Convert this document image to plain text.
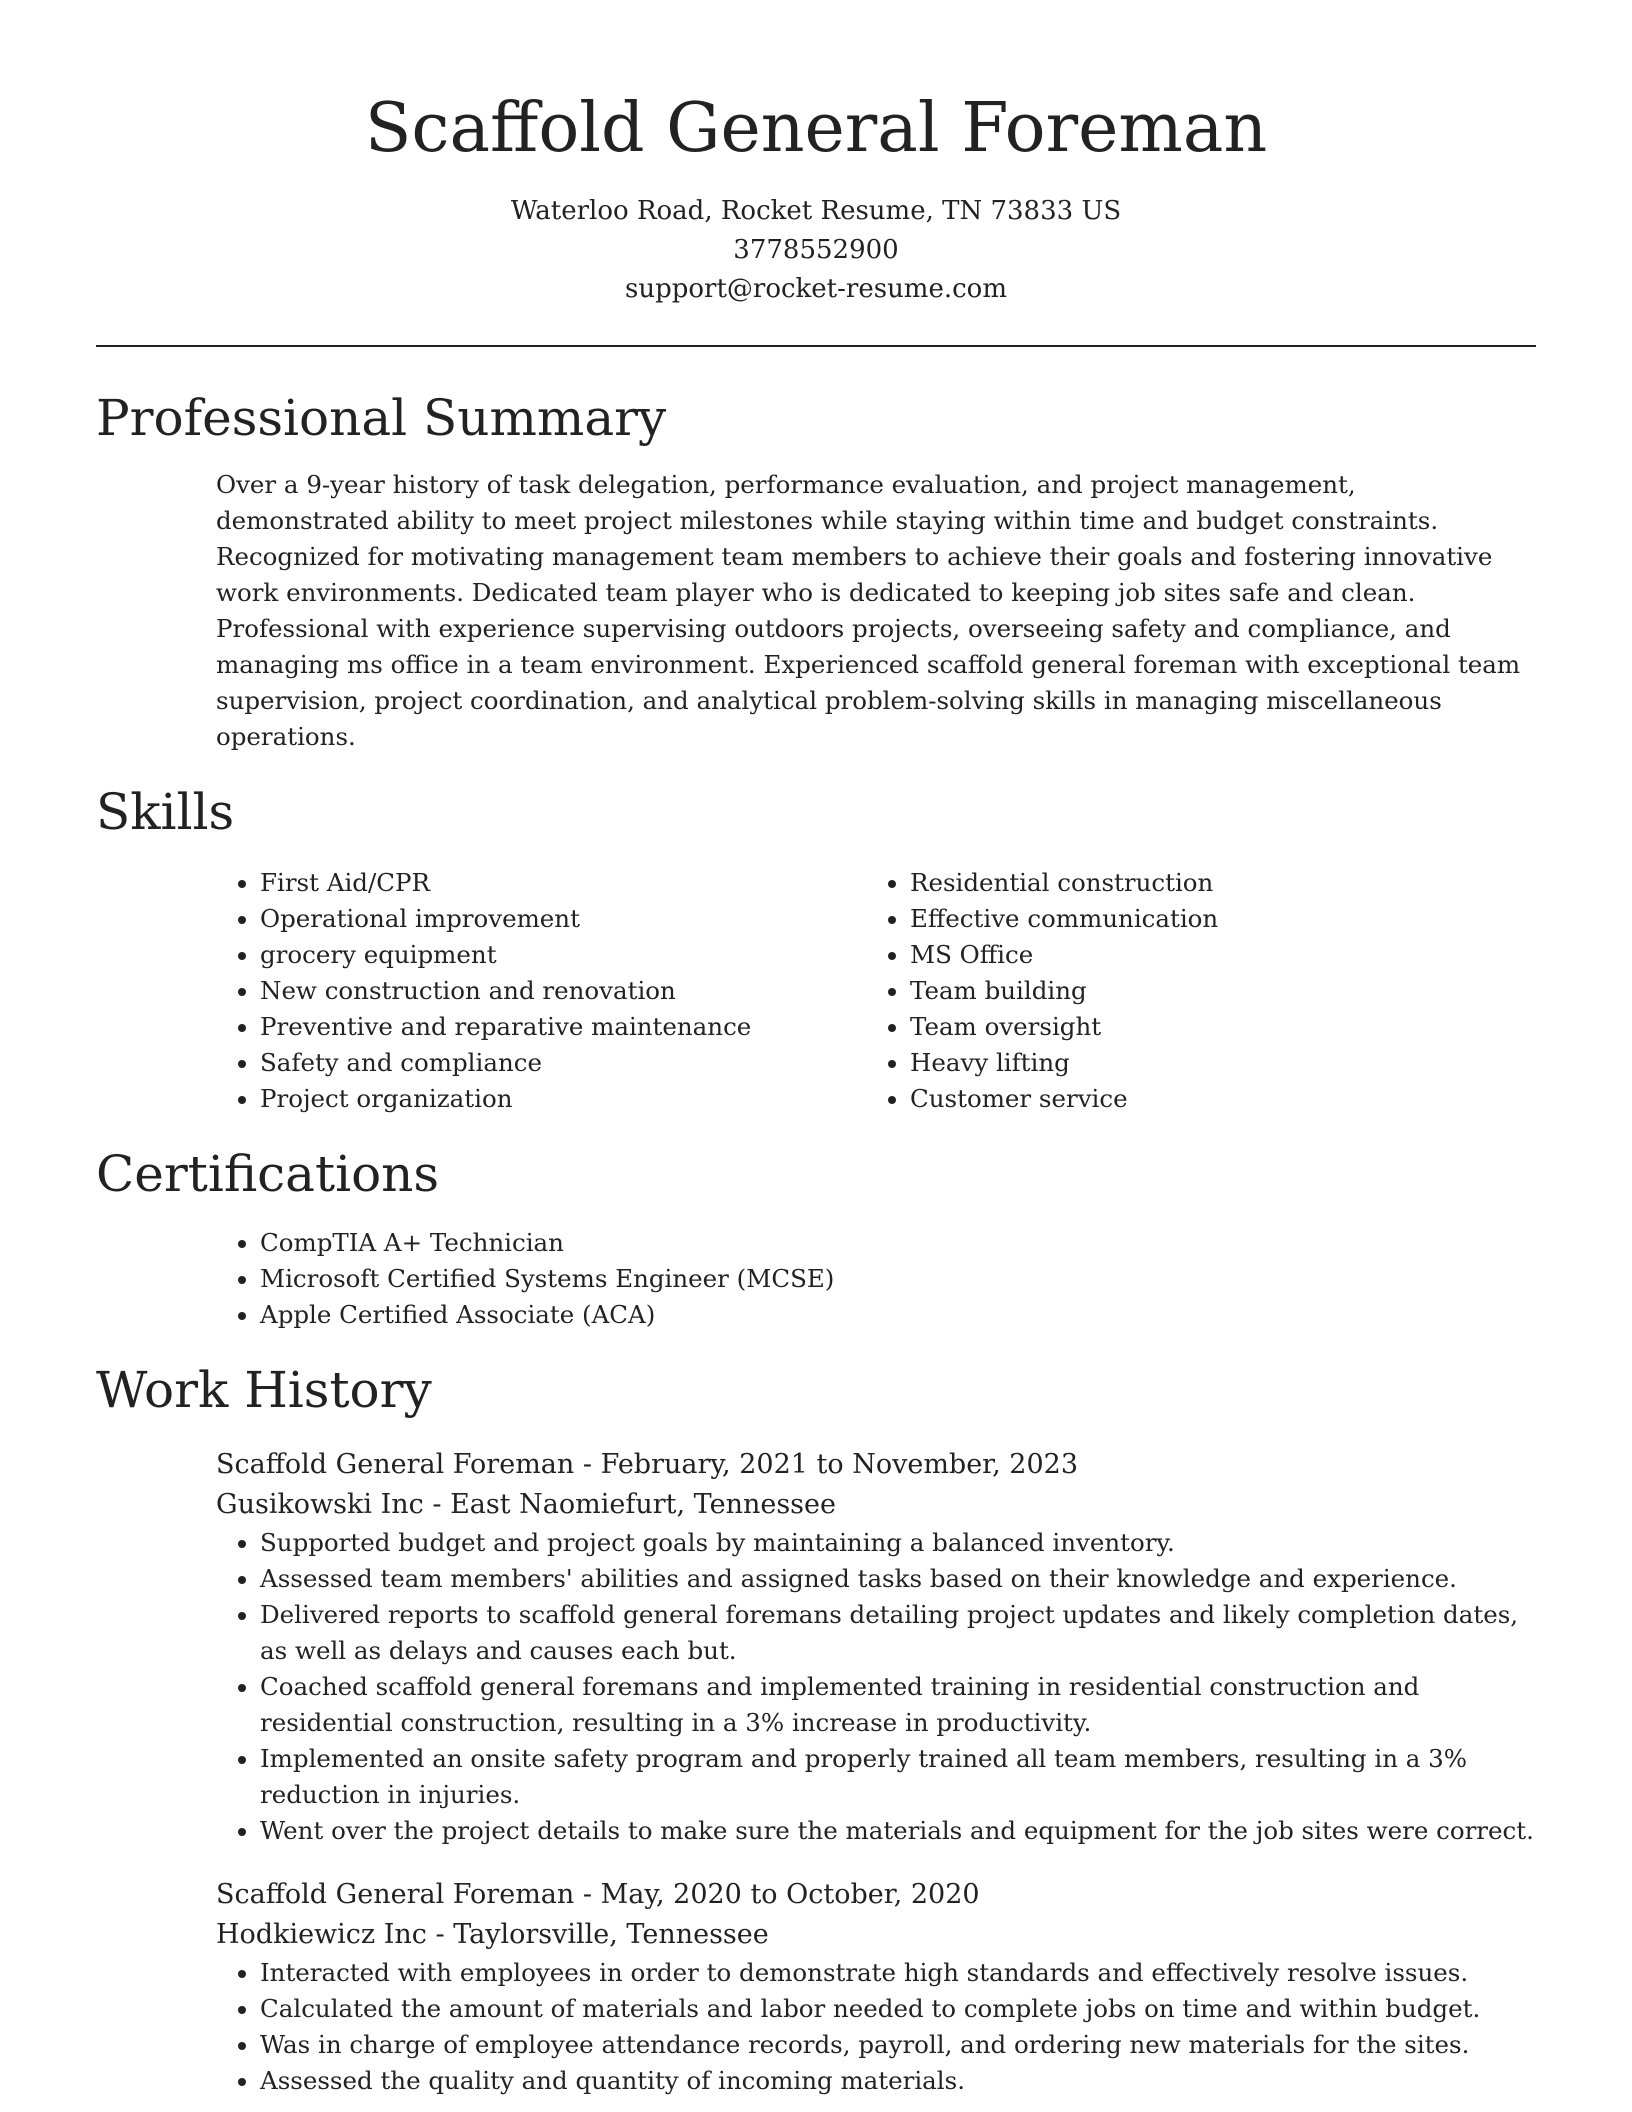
Scaffold General Foreman
Waterloo Road, Rocket Resume, TN 73833 US
3778552900
support@rocket-resume.com
Professional Summary

Over a 9-year history of task delegation, performance evaluation, and project management, demonstrated ability to meet project milestones while staying within time and budget constraints. Recognized for motivating management team members to achieve their goals and fostering innovative work environments. Dedicated team player who is dedicated to keeping job sites safe and clean. Professional with experience supervising outdoors projects, overseeing safety and compliance, and managing ms office in a team environment. Experienced scaffold general foreman with exceptional team supervision, project coordination, and analytical problem-solving skills in managing miscellaneous operations.

Skills
• First Aid/CPR
• Operational improvement
• grocery equipment
• New construction and renovation
• Preventive and reparative maintenance
• Safety and compliance
• Project organization
• Residential construction
• Effective communication
• MS Office
• Team building
• Team oversight
• Heavy lifting
• Customer service
Certifications
• CompTIA A+ Technician
• Microsoft Certified Systems Engineer (MCSE)
• Apple Certified Associate (ACA)
Work History
Scaffold General Foreman - February, 2021 to November, 2023
Gusikowski Inc - East Naomiefurt, Tennessee
• Supported budget and project goals by maintaining a balanced inventory.
• Assessed team members' abilities and assigned tasks based on their knowledge and experience.
• Delivered reports to scaffold general foremans detailing project updates and likely completion dates, as well as delays and causes each but.
• Coached scaffold general foremans and implemented training in residential construction and residential construction, resulting in a 3% increase in productivity.
• Implemented an onsite safety program and properly trained all team members, resulting in a 3% reduction in injuries.
• Went over the project details to make sure the materials and equipment for the job sites were correct.
Scaffold General Foreman - May, 2020 to October, 2020
Hodkiewicz Inc - Taylorsville, Tennessee
• Interacted with employees in order to demonstrate high standards and effectively resolve issues.
• Calculated the amount of materials and labor needed to complete jobs on time and within budget.
• Was in charge of employee attendance records, payroll, and ordering new materials for the sites.
• Assessed the quality and quantity of incoming materials.
